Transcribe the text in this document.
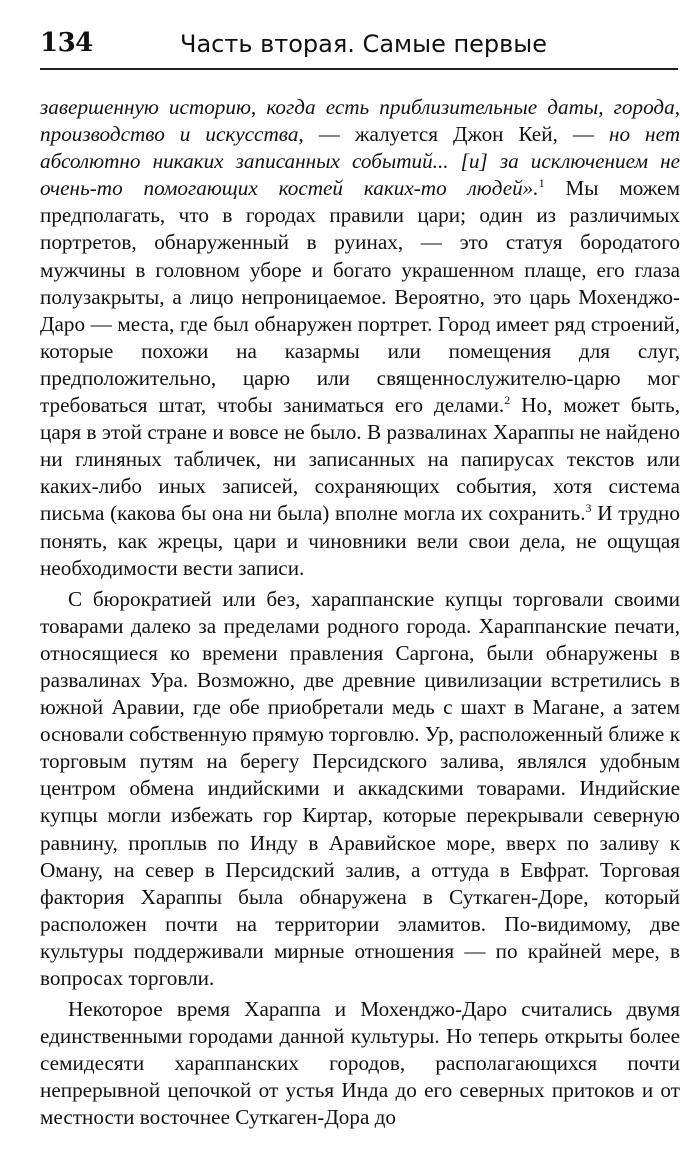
134	Часть вторая. Самые первые

завершенную историю, когда есть приблизительные даты, города, производство и искусства, — жалуется Джон Кей, — но нет абсолютно никаких записанных событий... [и] за исключением не очень-то помогающих костей каких-то людей».$^1$ Мы можем предполагать, что в городах правили цари; один из различимых портретов, обнаруженный в руинах, — это статуя бородатого мужчины в головном уборе и богато украшенном плаще, его глаза полузакрыты, а лицо непроницаемое. Вероятно, это царь Мохенджо-Даро — места, где был обнаружен портрет. Город имеет ряд строений, которые похожи на казармы или помещения для слуг, предположительно, царю или священнослужителю-царю мог требоваться штат, чтобы заниматься его делами.$^2$ Но, может быть, царя в этой стране и вовсе не было. В развалинах Хараппы не найдено ни глиняных табличек, ни записанных на папирусах текстов или каких-либо иных записей, сохраняющих события, хотя система письма (какова бы она ни была) вполне могла их сохранить.$^3$ И трудно понять, как жрецы, цари и чиновники вели свои дела, не ощущая необходимости вести записи.

С бюрократией или без, хараппанские купцы торговали своими товарами далеко за пределами родного города. Хараппанские печати, относящиеся ко времени правления Саргона, были обнаружены в развалинах Ура. Возможно, две древние цивилизации встретились в южной Аравии, где обе приобретали медь с шахт в Магане, а затем основали собственную прямую торговлю. Ур, расположенный ближе к торговым путям на берегу Персидского залива, являлся удобным центром обмена индийскими и аккадскими товарами. Индийские купцы могли избежать гор Киртар, которые перекрывали северную равнину, проплыв по Инду в Аравийское море, вверх по заливу к Оману, на север в Персидский залив, а оттуда в Евфрат. Торговая фактория Хараппы была обнаружена в Суткаген-Доре, который расположен почти на территории эламитов. По-видимому, две культуры поддерживали мирные отношения — по крайней мере, в вопросах торговли.

Некоторое время Хараппа и Мохенджо-Даро считались двумя единственными городами данной культуры. Но теперь открыты более семидесяти хараппанских городов, располагающихся почти непрерывной цепочкой от устья Инда до его северных притоков и от местности восточнее Суткаген-Дора до
